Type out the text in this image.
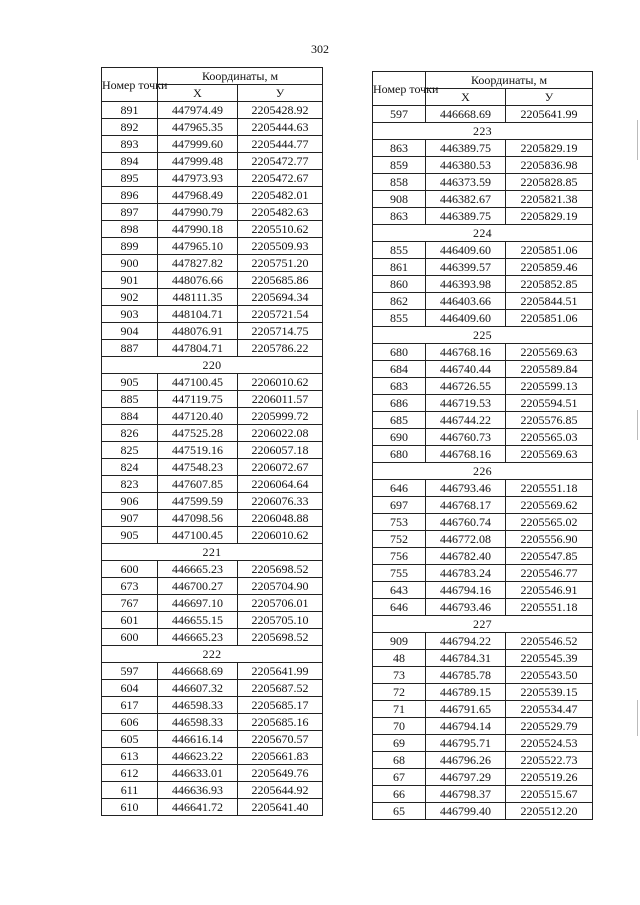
302
Номер точки	Координаты, м	
	X	У
891	447974.49	2205428.92
892	447965.35	2205444.63
893	447999.60	2205444.77
894	447999.48	2205472.77
895	447973.93	2205472.67
896	447968.49	2205482.01
897	447990.79	2205482.63
898	447990.18	2205510.62
899	447965.10	2205509.93
900	447827.82	2205751.20
901	448076.66	2205685.86
902	448111.35	2205694.34
903	448104.71	2205721.54
904	448076.91	2205714.75
887	447804.71	2205786.22
220		
905	447100.45	2206010.62
885	447119.75	2206011.57
884	447120.40	2205999.72
826	447525.28	2206022.08
825	447519.16	2206057.18
824	447548.23	2206072.67
823	447607.85	2206064.64
906	447599.59	2206076.33
907	447098.56	2206048.88
905	447100.45	2206010.62
221		
600	446665.23	2205698.52
673	446700.27	2205704.90
767	446697.10	2205706.01
601	446655.15	2205705.10
600	446665.23	2205698.52
222		
597	446668.69	2205641.99
604	446607.32	2205687.52
617	446598.33	2205685.17
606	446598.33	2205685.16
605	446616.14	2205670.57
613	446623.22	2205661.83
612	446633.01	2205649.76
611	446636.93	2205644.92
610	446641.72	2205641.40
Номер точки	Координаты, м	
	X	У
597	446668.69	2205641.99
223		
863	446389.75	2205829.19
859	446380.53	2205836.98
858	446373.59	2205828.85
908	446382.67	2205821.38
863	446389.75	2205829.19
224		
855	446409.60	2205851.06
861	446399.57	2205859.46
860	446393.98	2205852.85
862	446403.66	2205844.51
855	446409.60	2205851.06
225		
680	446768.16	2205569.63
684	446740.44	2205589.84
683	446726.55	2205599.13
686	446719.53	2205594.51
685	446744.22	2205576.85
690	446760.73	2205565.03
680	446768.16	2205569.63
226		
646	446793.46	2205551.18
697	446768.17	2205569.62
753	446760.74	2205565.02
752	446772.08	2205556.90
756	446782.40	2205547.85
755	446783.24	2205546.77
643	446794.16	2205546.91
646	446793.46	2205551.18
227		
909	446794.22	2205546.52
48	446784.31	2205545.39
73	446785.78	2205543.50
72	446789.15	2205539.15
71	446791.65	2205534.47
70	446794.14	2205529.79
69	446795.71	2205524.53
68	446796.26	2205522.73
67	446797.29	2205519.26
66	446798.37	2205515.67
65	446799.40	2205512.20
